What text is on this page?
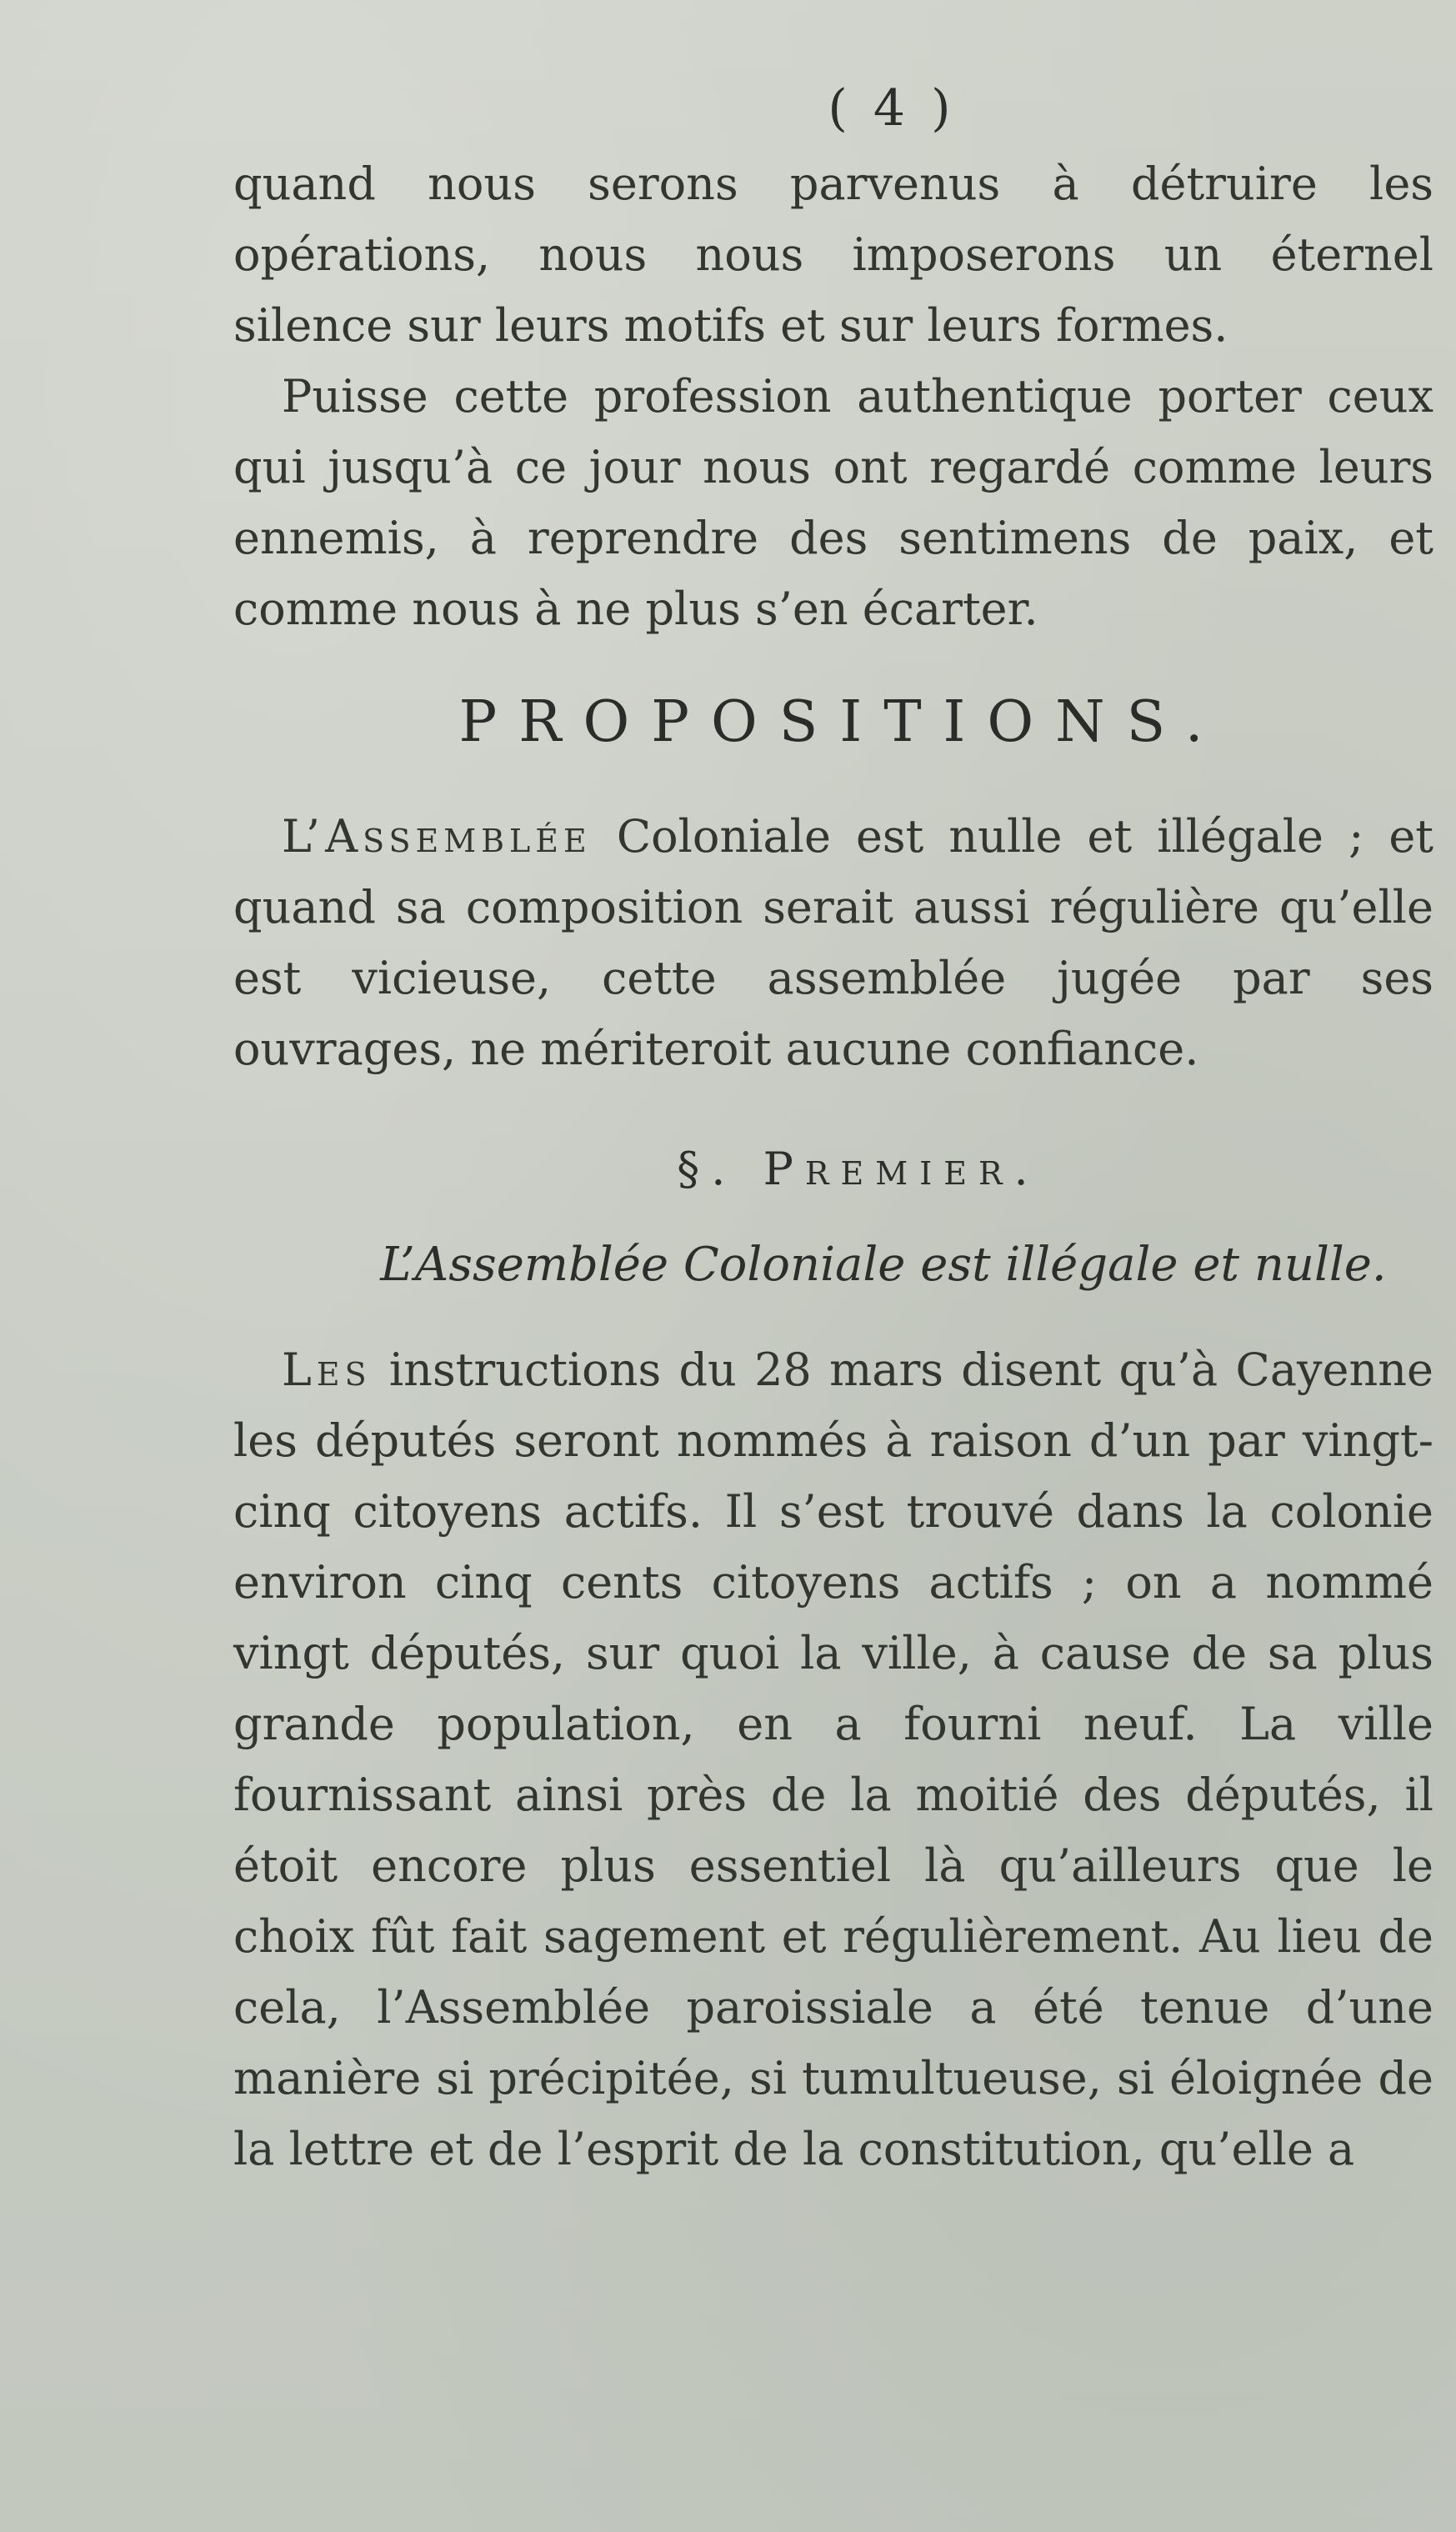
( 4 )

quand nous serons parvenus à détruire les opérations, nous nous imposerons un éternel silence sur leurs motifs et sur leurs formes.

Puisse cette profession authentique porter ceux qui jusqu’à ce jour nous ont regardé comme leurs ennemis, à reprendre des sentimens de paix, et comme nous à ne plus s’en écarter.

PROPOSITIONS.

L’Assemblée Coloniale est nulle et illégale ; et quand sa composition serait aussi régulière qu’elle est vicieuse, cette assemblée jugée par ses ouvrages, ne mériteroit aucune confiance.

§. Premier.
L’Assemblée Coloniale est illégale et nulle.

Les instructions du 28 mars disent qu’à Cayenne les députés seront nommés à raison d’un par vingt-cinq citoyens actifs. Il s’est trouvé dans la colonie environ cinq cents citoyens actifs ; on a nommé vingt députés, sur quoi la ville, à cause de sa plus grande population, en a fourni neuf. La ville fournissant ainsi près de la moitié des députés, il étoit encore plus essentiel là qu’ailleurs que le choix fût fait sagement et régulièrement. Au lieu de cela, l’Assemblée paroissiale a été tenue d’une manière si précipitée, si tumultueuse, si éloignée de la lettre et de l’esprit de la constitution, qu’elle a
